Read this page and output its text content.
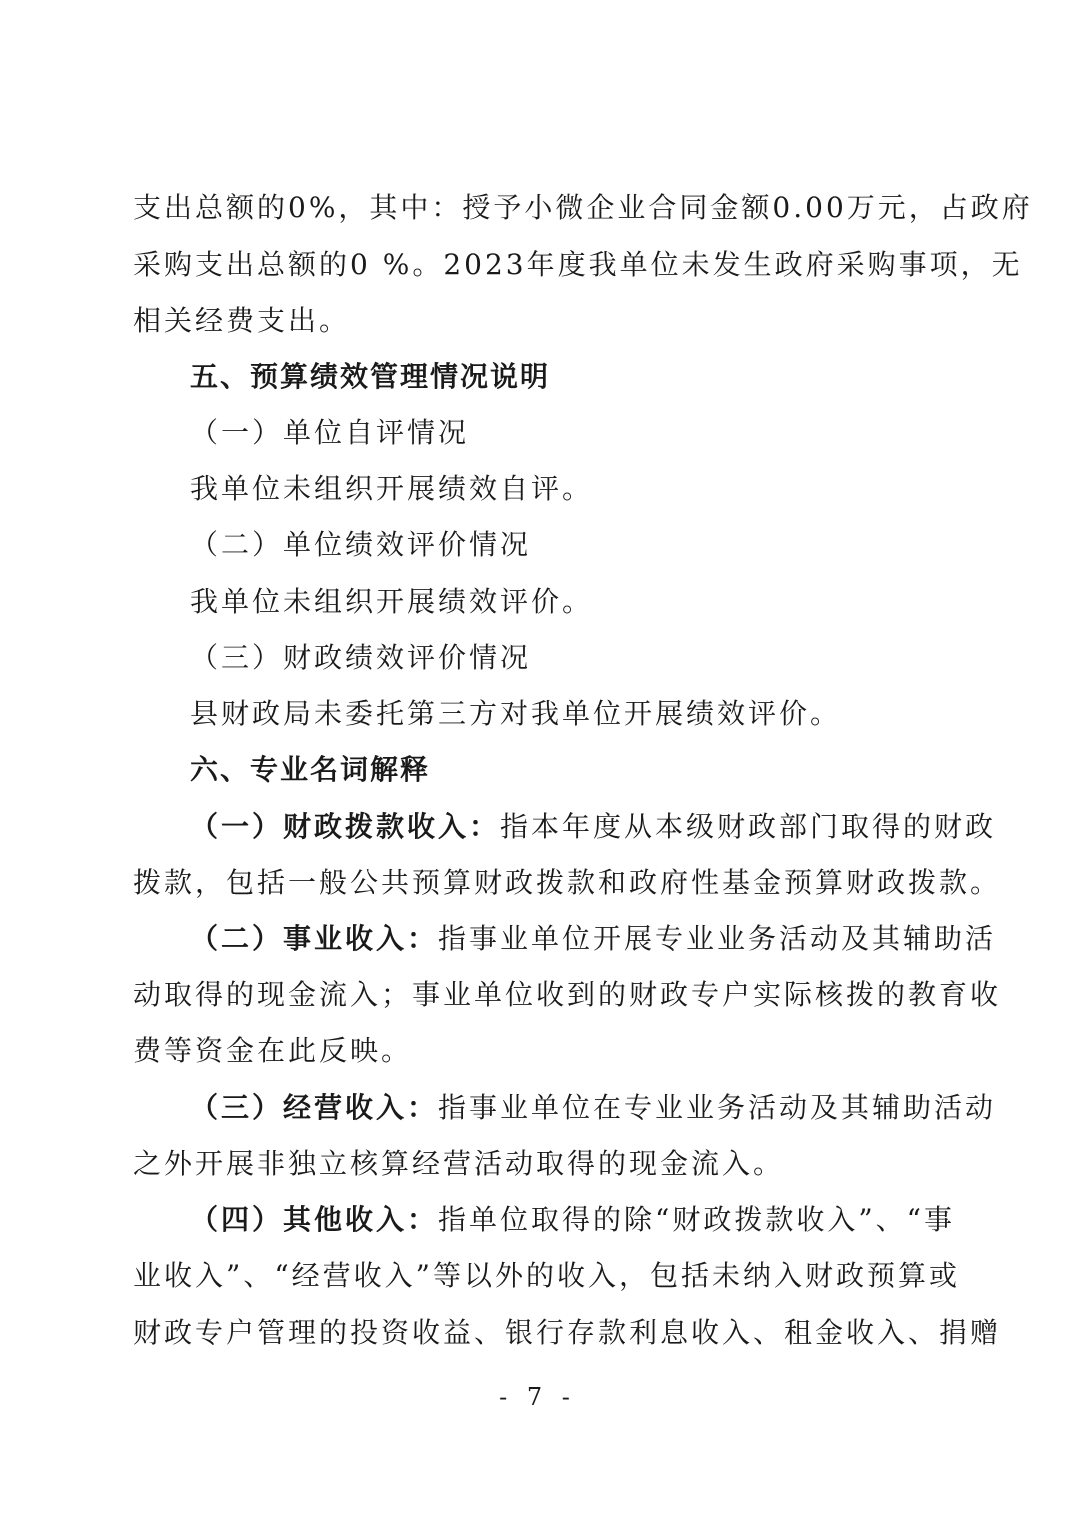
支出总额的0%，其中：授予小微企业合同金额0.00万元，占政府
采购支出总额的0 %。2023年度我单位未发生政府采购事项，无
相关经费支出。
五、预算绩效管理情况说明
（一）单位自评情况
我单位未组织开展绩效自评。
（二）单位绩效评价情况
我单位未组织开展绩效评价。
（三）财政绩效评价情况
县财政局未委托第三方对我单位开展绩效评价。
六、专业名词解释
（一）财政拨款收入：指本年度从本级财政部门取得的财政
拨款，包括一般公共预算财政拨款和政府性基金预算财政拨款。
（二）事业收入：指事业单位开展专业业务活动及其辅助活
动取得的现金流入；事业单位收到的财政专户实际核拨的教育收
费等资金在此反映。
（三）经营收入：指事业单位在专业业务活动及其辅助活动
之外开展非独立核算经营活动取得的现金流入。
（四）其他收入：指单位取得的除“财政拨款收入”、“事
业收入”、“经营收入”等以外的收入，包括未纳入财政预算或
财政专户管理的投资收益、银行存款利息收入、租金收入、捐赠
- 7 -
